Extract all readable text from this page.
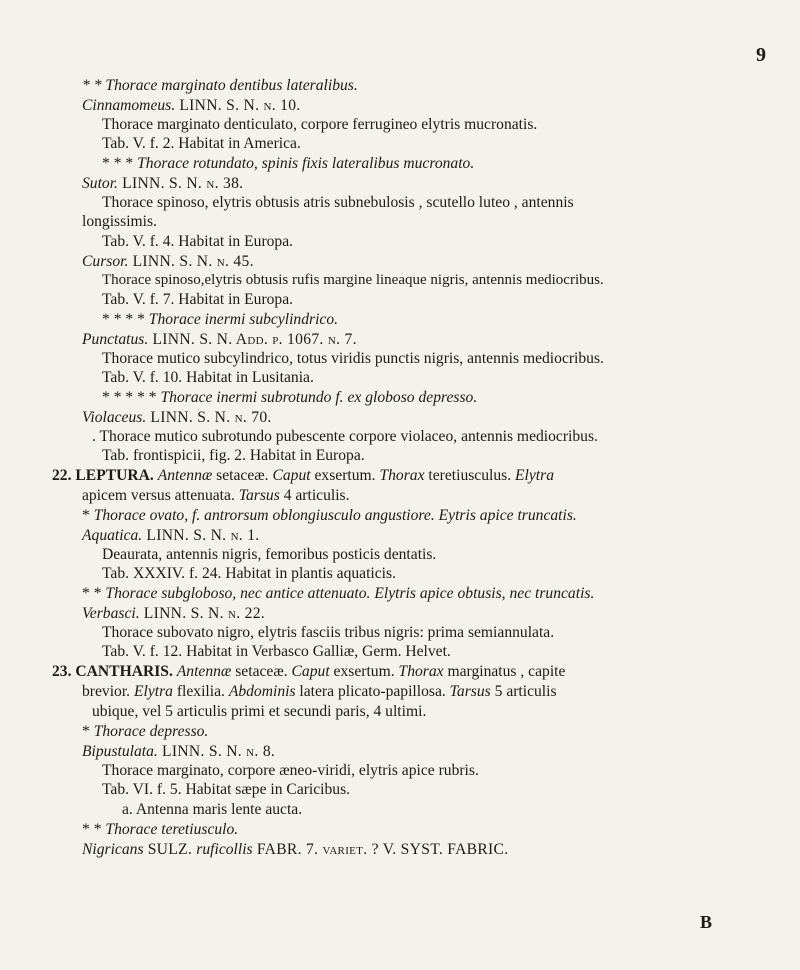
9
* * Thorace marginato dentibus lateralibus.
Cinnamomeus. LINN. S. N. n. 10.
Thorace marginato denticulato, corpore ferrugineo elytris mucronatis.
Tab. V. f. 2. Habitat in America.
* * * Thorace rotundato, spinis fixis lateralibus mucronato.
Sutor. LINN. S. N. n. 38.
Thorace spinoso, elytris obtusis atris subnebulosis , scutello luteo , antennis
longissimis.
Tab. V. f. 4. Habitat in Europa.
Cursor. LINN. S. N. n. 45.
Thorace spinoso,elytris obtusis rufis margine lineaque nigris, antennis mediocribus.
Tab. V. f. 7. Habitat in Europa.
* * * * Thorace inermi subcylindrico.
Punctatus. LINN. S. N. Add. p. 1067. n. 7.
Thorace mutico subcylindrico, totus viridis punctis nigris, antennis mediocribus.
Tab. V. f. 10. Habitat in Lusitania.
* * * * * Thorace inermi subrotundo f. ex globoso depresso.
Violaceus. LINN. S. N. n. 70.
. Thorace mutico subrotundo pubescente corpore violaceo, antennis mediocribus.
Tab. frontispicii, fig. 2. Habitat in Europa.
22. LEPTURA. Antennæ setaceæ. Caput exsertum. Thorax teretiusculus. Elytra
apicem versus attenuata. Tarsus 4 articulis.
* Thorace ovato, f. antrorsum oblongiusculo angustiore. Eytris apice truncatis.
Aquatica. LINN. S. N. n. 1.
Deaurata, antennis nigris, femoribus posticis dentatis.
Tab. XXXIV. f. 24. Habitat in plantis aquaticis.
* * Thorace subgloboso, nec antice attenuato. Elytris apice obtusis, nec truncatis.
Verbasci. LINN. S. N. n. 22.
Thorace subovato nigro, elytris fasciis tribus nigris: prima semiannulata.
Tab. V. f. 12. Habitat in Verbasco Galliæ, Germ. Helvet.
23. CANTHARIS. Antennæ setaceæ. Caput exsertum. Thorax marginatus , capite
brevior. Elytra flexilia. Abdominis latera plicato-papillosa. Tarsus 5 articulis
ubique, vel 5 articulis primi et secundi paris, 4 ultimi.
* Thorace depresso.
Bipustulata. LINN. S. N. n. 8.
Thorace marginato, corpore æneo-viridi, elytris apice rubris.
Tab. VI. f. 5. Habitat sæpe in Caricibus.
a. Antenna maris lente aucta.
* * Thorace teretiusculo.
Nigricans SULZ. ruficollis FABR. 7. variet. ? V. SYST. FABRIC.
B
